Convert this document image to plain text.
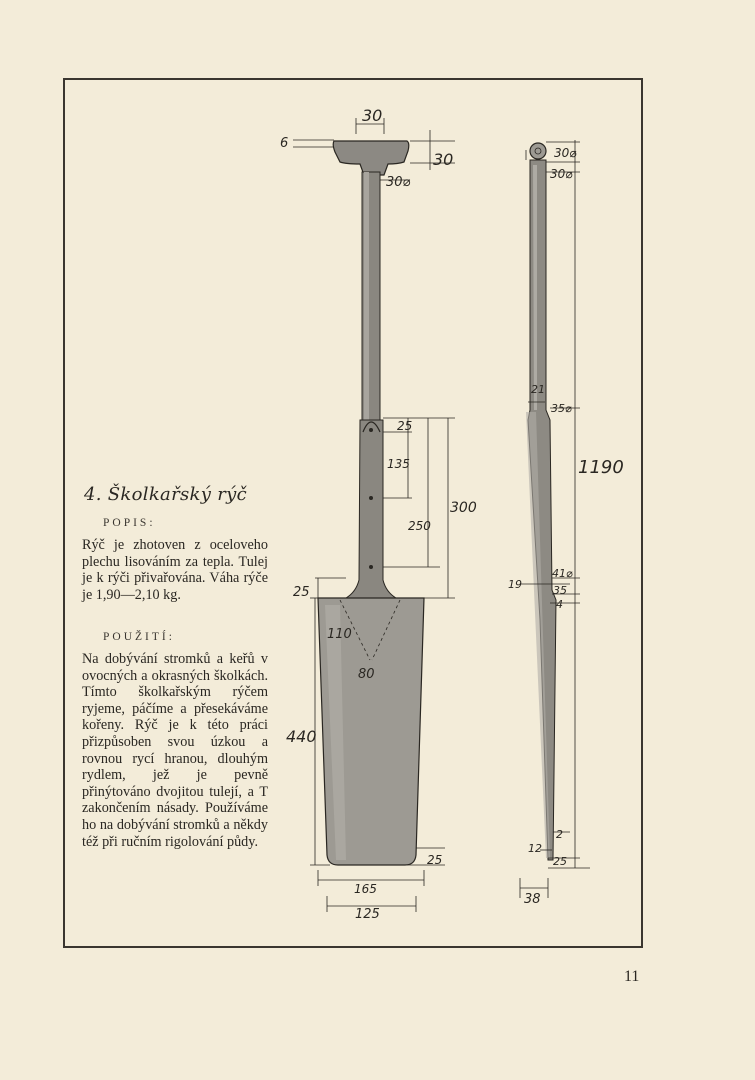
4. Školkařský rýč
POPIS:
Rýč je zhotoven z oceloveho plechu lisováním za tepla. Tulej je k rýči přivařována. Váha rýče je 1,90—2,10 kg.
POUŽITÍ:
Na dobývání stromků a keřů v ovocných a okrasných školkách. Tímto školkařským rýčem ryjeme, páčíme a přesekáváme kořeny. Rýč je k této práci přizpůsoben svou úzkou a rovnou rycí hranou, dlouhým rydlem, jež je pevně přinýtováno dvojitou tulejí, a T zakončením násady. Používáme ho na dobývání stromků a někdy též při ručním rigolování půdy.
11
30
6
30
30⌀
25
135
250
300
25
440
110
80
25
165
125
30⌀
30⌀
1190
21
35⌀
41⌀
19	35
4
2
12
25
38
